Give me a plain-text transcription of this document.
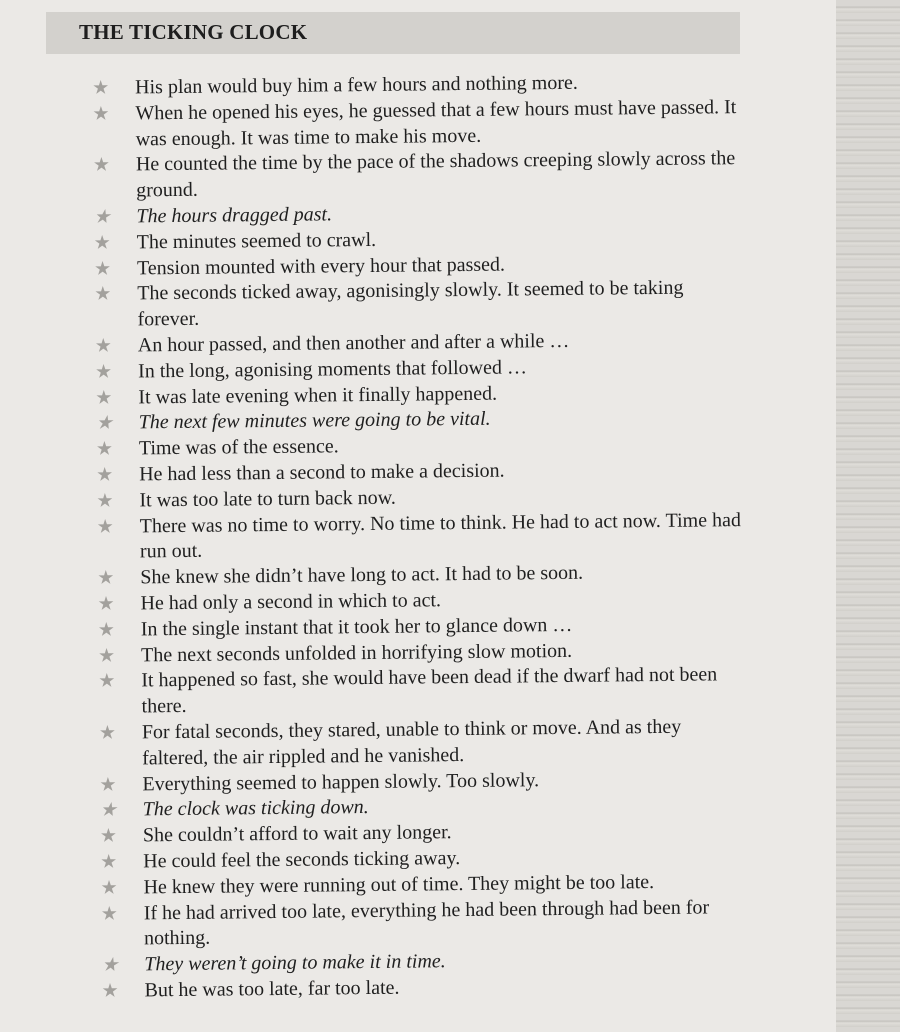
THE TICKING CLOCK
★ His plan would buy him a few hours and nothing more.
★ When he opened his eyes, he guessed that a few hours must have passed. It was enough. It was time to make his move.
★ He counted the time by the pace of the shadows creeping slowly across the ground.
★ The hours dragged past.
★ The minutes seemed to crawl.
★ Tension mounted with every hour that passed.
★ The seconds ticked away, agonisingly slowly. It seemed to be taking forever.
★ An hour passed, and then another and after a while …
★ In the long, agonising moments that followed …
★ It was late evening when it finally happened.
★ The next few minutes were going to be vital.
★ Time was of the essence.
★ He had less than a second to make a decision.
★ It was too late to turn back now.
★ There was no time to worry. No time to think. He had to act now. Time had run out.
★ She knew she didn’t have long to act. It had to be soon.
★ He had only a second in which to act.
★ In the single instant that it took her to glance down …
★ The next seconds unfolded in horrifying slow motion.
★ It happened so fast, she would have been dead if the dwarf had not been there.
★ For fatal seconds, they stared, unable to think or move. And as they faltered, the air rippled and he vanished.
★ Everything seemed to happen slowly. Too slowly.
★ The clock was ticking down.
★ She couldn’t afford to wait any longer.
★ He could feel the seconds ticking away.
★ He knew they were running out of time. They might be too late.
★ If he had arrived too late, everything he had been through had been for nothing.
★ They weren’t going to make it in time.
★ But he was too late, far too late.
